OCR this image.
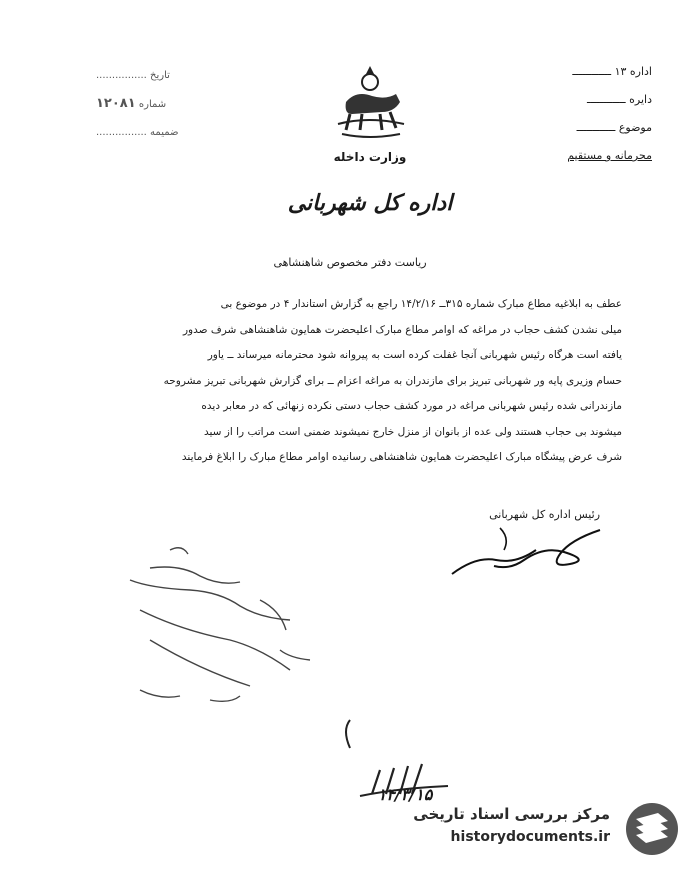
اداره ۱۳ ــــــــــــ
دایره ــــــــــــ
موضوع ــــــــــــ
محرمانه و مستقیم
تاریخ ................
شماره ۱۲۰۸۱
ضمیمه ................
وزارت داخله
اداره کل شهربانی
ریاست دفتر مخصوص شاهنشاهی
عطف به ابلاغیه مطاع مبارک شماره ۳۱۵ــ ۱۴/۲/۱۶ راجع به گزارش استاندار ۴ در موضوع بی
میلی نشدن کشف حجاب در مراغه که اوامر مطاع مبارک اعلیحضرت همایون شاهنشاهی شرف صدور
یافته است هرگاه رئیس شهربانی آنجا غفلت کرده است به پیروانه شود محترمانه میرساند ــ یاور
حسام وزیری پایه ور شهربانی تبریز برای مازندران به مراغه اعزام ــ برای گزارش شهربانی تبریز مشروحه
مازندرانی شده رئیس شهربانی مراغه در مورد کشف حجاب دستی نکرده زنهائی که در معابر دیده
میشوند بی حجاب هستند ولی عده از بانوان از منزل خارج نمیشوند ضمنی است مراتب را از سید
شرف عرض پیشگاه مبارک اعلیحضرت همایون شاهنشاهی رسانیده اوامر مطاع مبارک را ابلاغ فرمایند
رئیس اداره کل شهربانی
۱۴/۳/۱۵
مرکز بررسی اسناد تاریخی
historydocuments.ir
